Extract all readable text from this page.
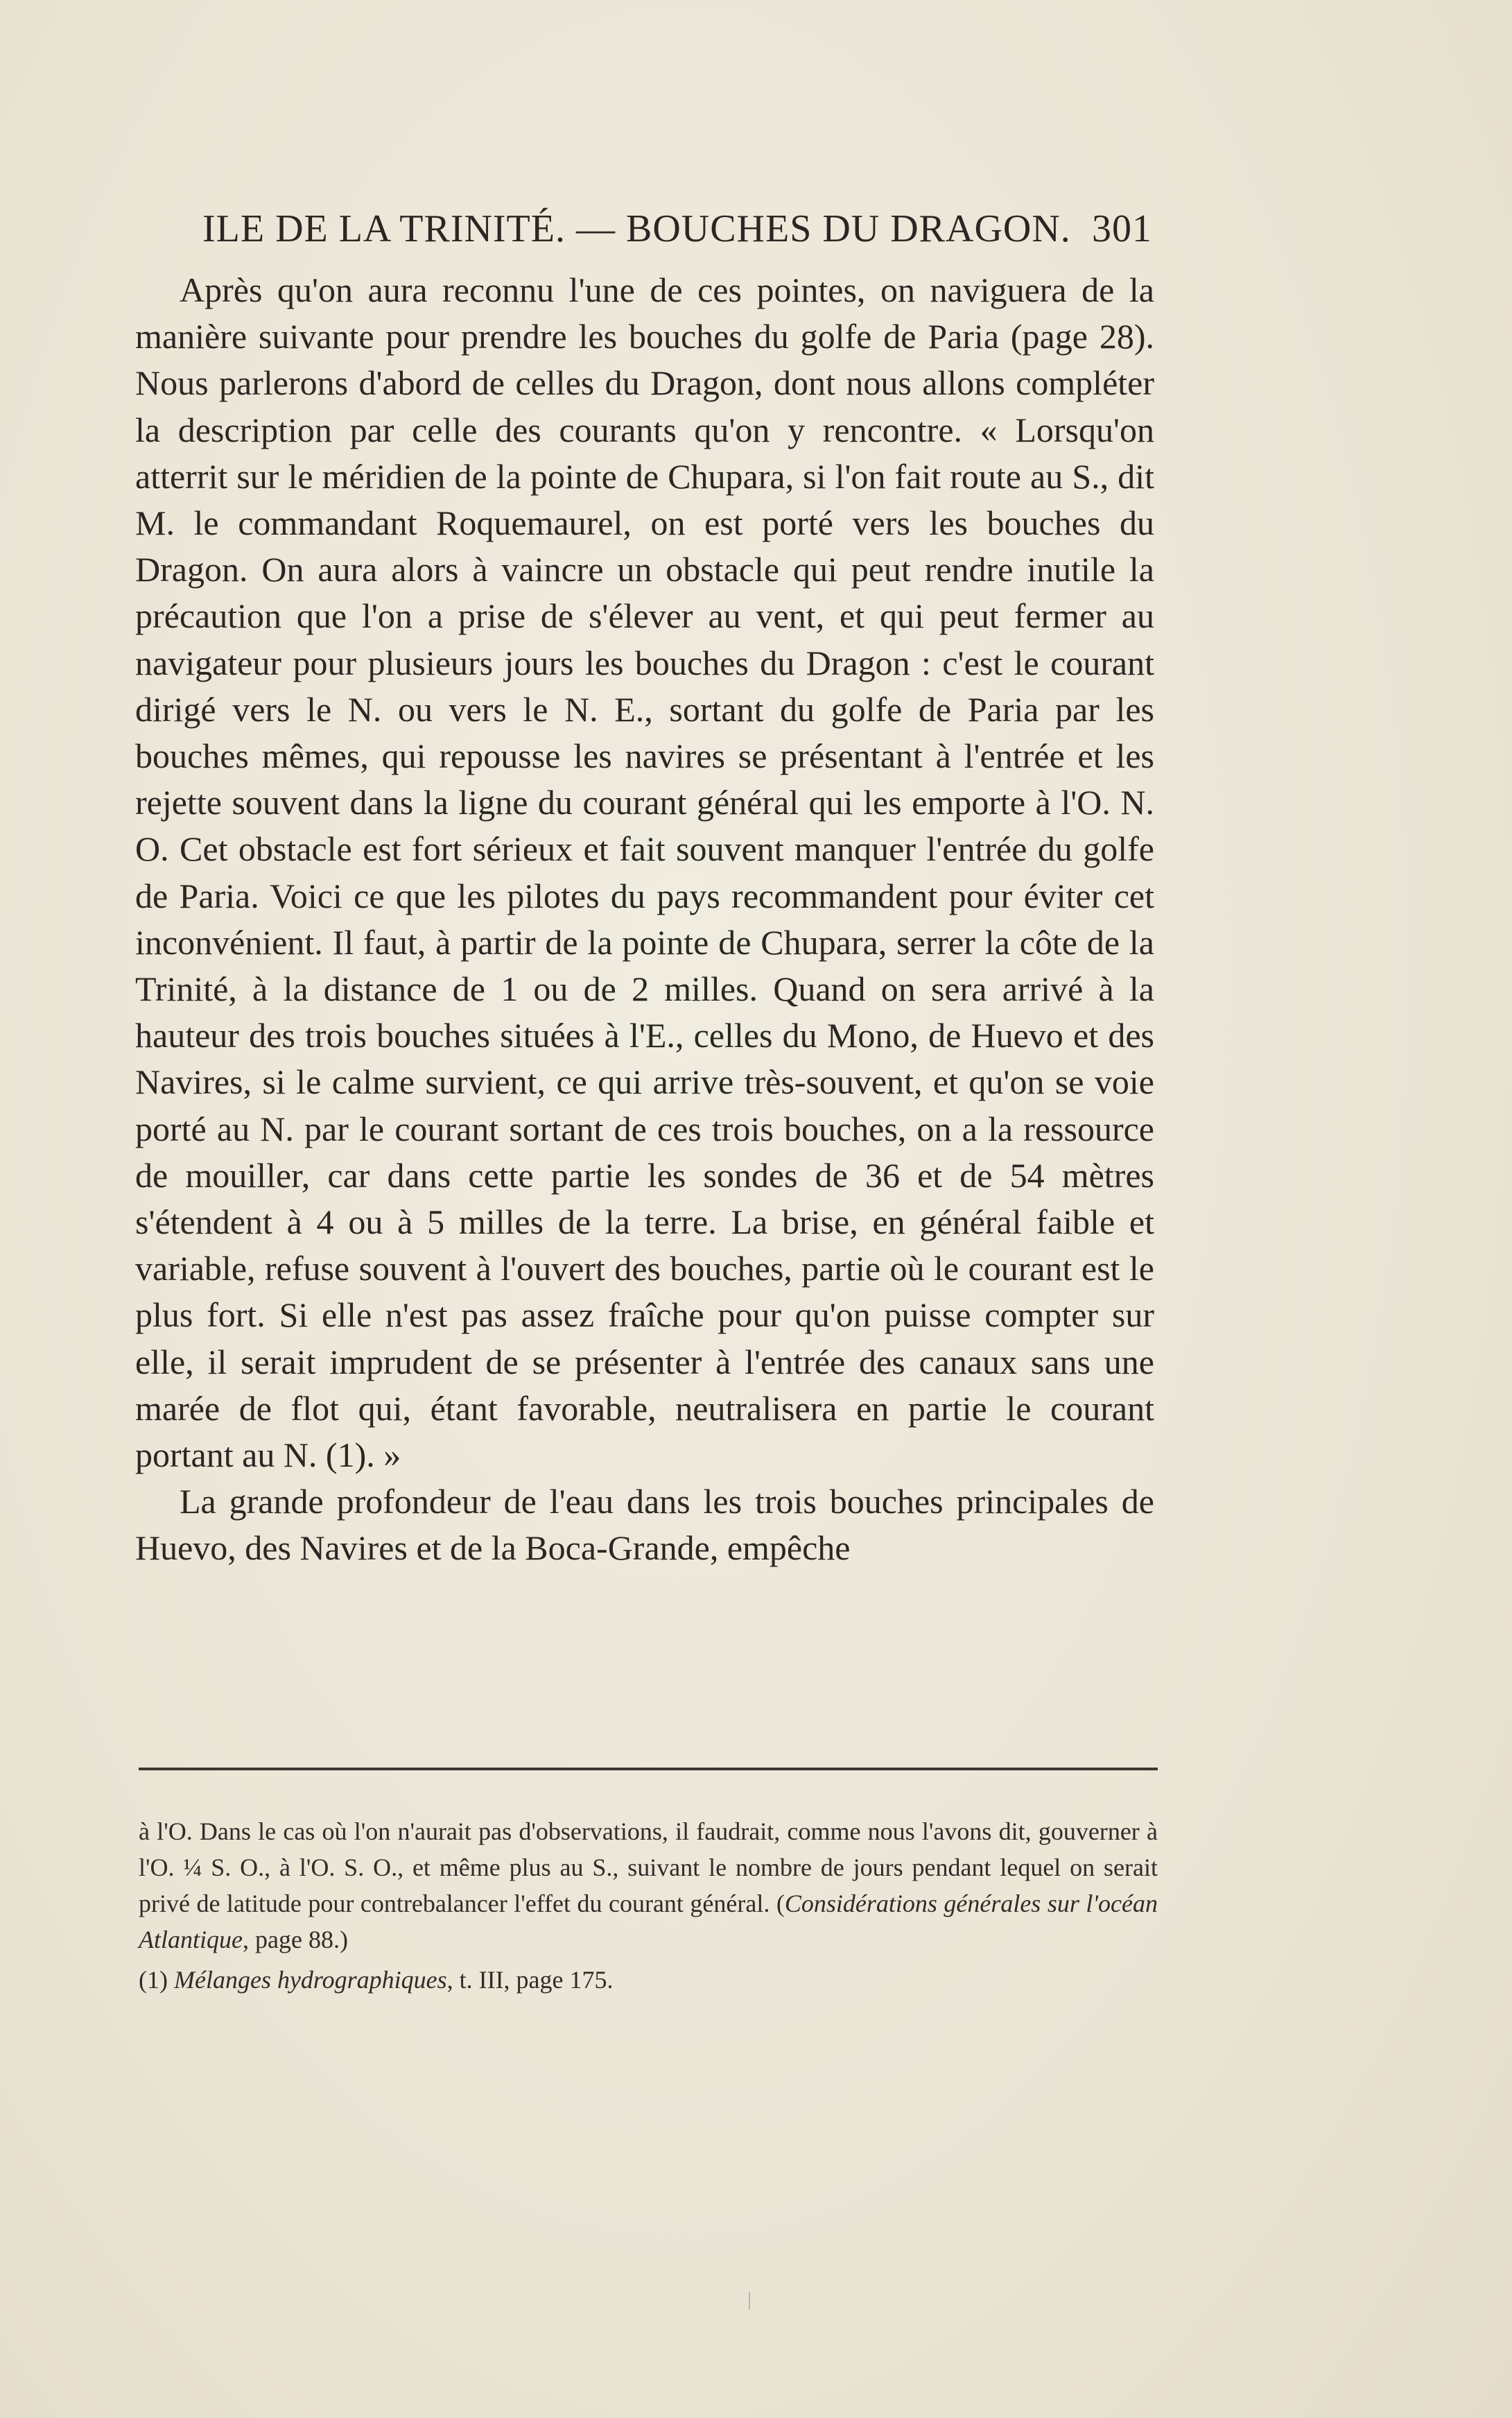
ILE DE LA TRINITÉ. — BOUCHES DU DRAGON. 301

Après qu'on aura reconnu l'une de ces pointes, on naviguera de la manière suivante pour prendre les bouches du golfe de Paria (page 28). Nous parlerons d'abord de celles du Dragon, dont nous allons compléter la description par celle des courants qu'on y rencontre. « Lorsqu'on atterrit sur le méridien de la pointe de Chupara, si l'on fait route au S., dit M. le commandant Roquemaurel, on est porté vers les bouches du Dragon. On aura alors à vaincre un obstacle qui peut rendre inutile la précaution que l'on a prise de s'élever au vent, et qui peut fermer au navigateur pour plusieurs jours les bouches du Dragon : c'est le courant dirigé vers le N. ou vers le N. E., sortant du golfe de Paria par les bouches mêmes, qui repousse les navires se présentant à l'entrée et les rejette souvent dans la ligne du courant général qui les emporte à l'O. N. O. Cet obstacle est fort sérieux et fait souvent manquer l'entrée du golfe de Paria. Voici ce que les pilotes du pays recommandent pour éviter cet inconvénient. Il faut, à partir de la pointe de Chupara, serrer la côte de la Trinité, à la distance de 1 ou de 2 milles. Quand on sera arrivé à la hauteur des trois bouches situées à l'E., celles du Mono, de Huevo et des Navires, si le calme survient, ce qui arrive très-souvent, et qu'on se voie porté au N. par le courant sortant de ces trois bouches, on a la ressource de mouiller, car dans cette partie les sondes de 36 et de 54 mètres s'étendent à 4 ou à 5 milles de la terre. La brise, en général faible et variable, refuse souvent à l'ouvert des bouches, partie où le courant est le plus fort. Si elle n'est pas assez fraîche pour qu'on puisse compter sur elle, il serait imprudent de se présenter à l'entrée des canaux sans une marée de flot qui, étant favorable, neutralisera en partie le courant portant au N. (1). »

La grande profondeur de l'eau dans les trois bouches principales de Huevo, des Navires et de la Boca-Grande, empêche

à l'O. Dans le cas où l'on n'aurait pas d'observations, il faudrait, comme nous l'avons dit, gouverner à l'O. ¼ S. O., à l'O. S. O., et même plus au S., suivant le nombre de jours pendant lequel on serait privé de latitude pour contrebalancer l'effet du courant général. (Considérations générales sur l'océan Atlantique, page 88.)

(1) Mélanges hydrographiques, t. III, page 175.
